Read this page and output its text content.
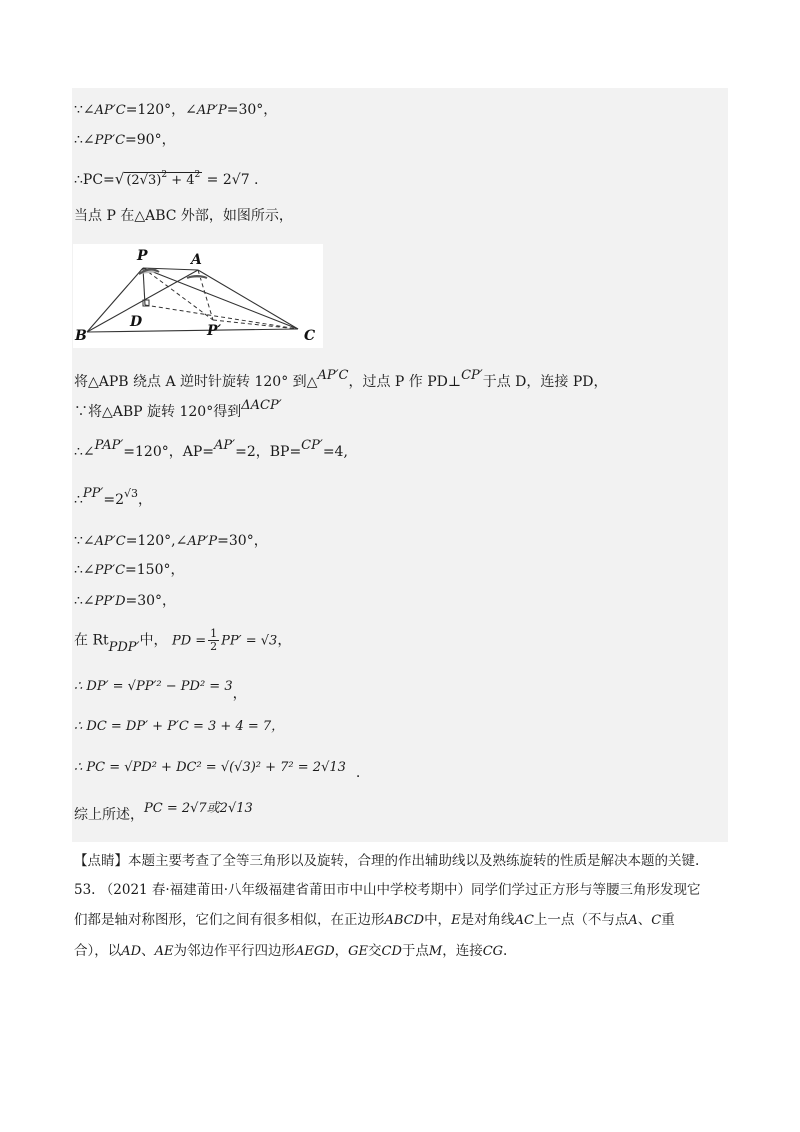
∵∠AP′C=120°，∠AP′P=30°，
∴∠PP′C=90°，
∴PC=√ $(2√3)^2 + 4^2 = 2√7$ .
当点 P 在△ABC 外部，如图所示，
P	A
B	C
D
P′
将△APB 绕点 A 逆时针旋转 120° 到△AP′C，过点 P 作 PD⊥CP′于点 D，连接 PD，
∵将△ABP 旋转 120°得到ΔACP′
∴∠PAP′=120°，AP=AP′=2，BP=CP′=4,
$\therefore PP'=2^{√3}$，
∵∠AP′C=120°,∠AP′P=30°，
∴∠PP′C=150°，
∴∠PP′D=30°，
在 RtPDP′中， PD = $\frac{1}{2} PP' = √3$，
∴ DP′ = √PP′² − PD² = 3，
∴ DC = DP′ + P′C = 3 + 4 = 7，
∴ PC = √PD² + DC² = √(√3)² + 7² = 2√13 .
综上所述，PC = 2√7或2√13
【点睛】本题主要考查了全等三角形以及旋转，合理的作出辅助线以及熟练旋转的性质是解决本题的关键.
53. （2021 春·福建莆田·八年级福建省莆田市中山中学校考期中）同学们学过正方形与等腰三角形发现它
们都是轴对称图形，它们之间有很多相似，在正边形ABCD中，E是对角线AC上一点（不与点A、C重
合），以AD、AE为邻边作平行四边形AEGD，GE交CD于点M，连接CG.
